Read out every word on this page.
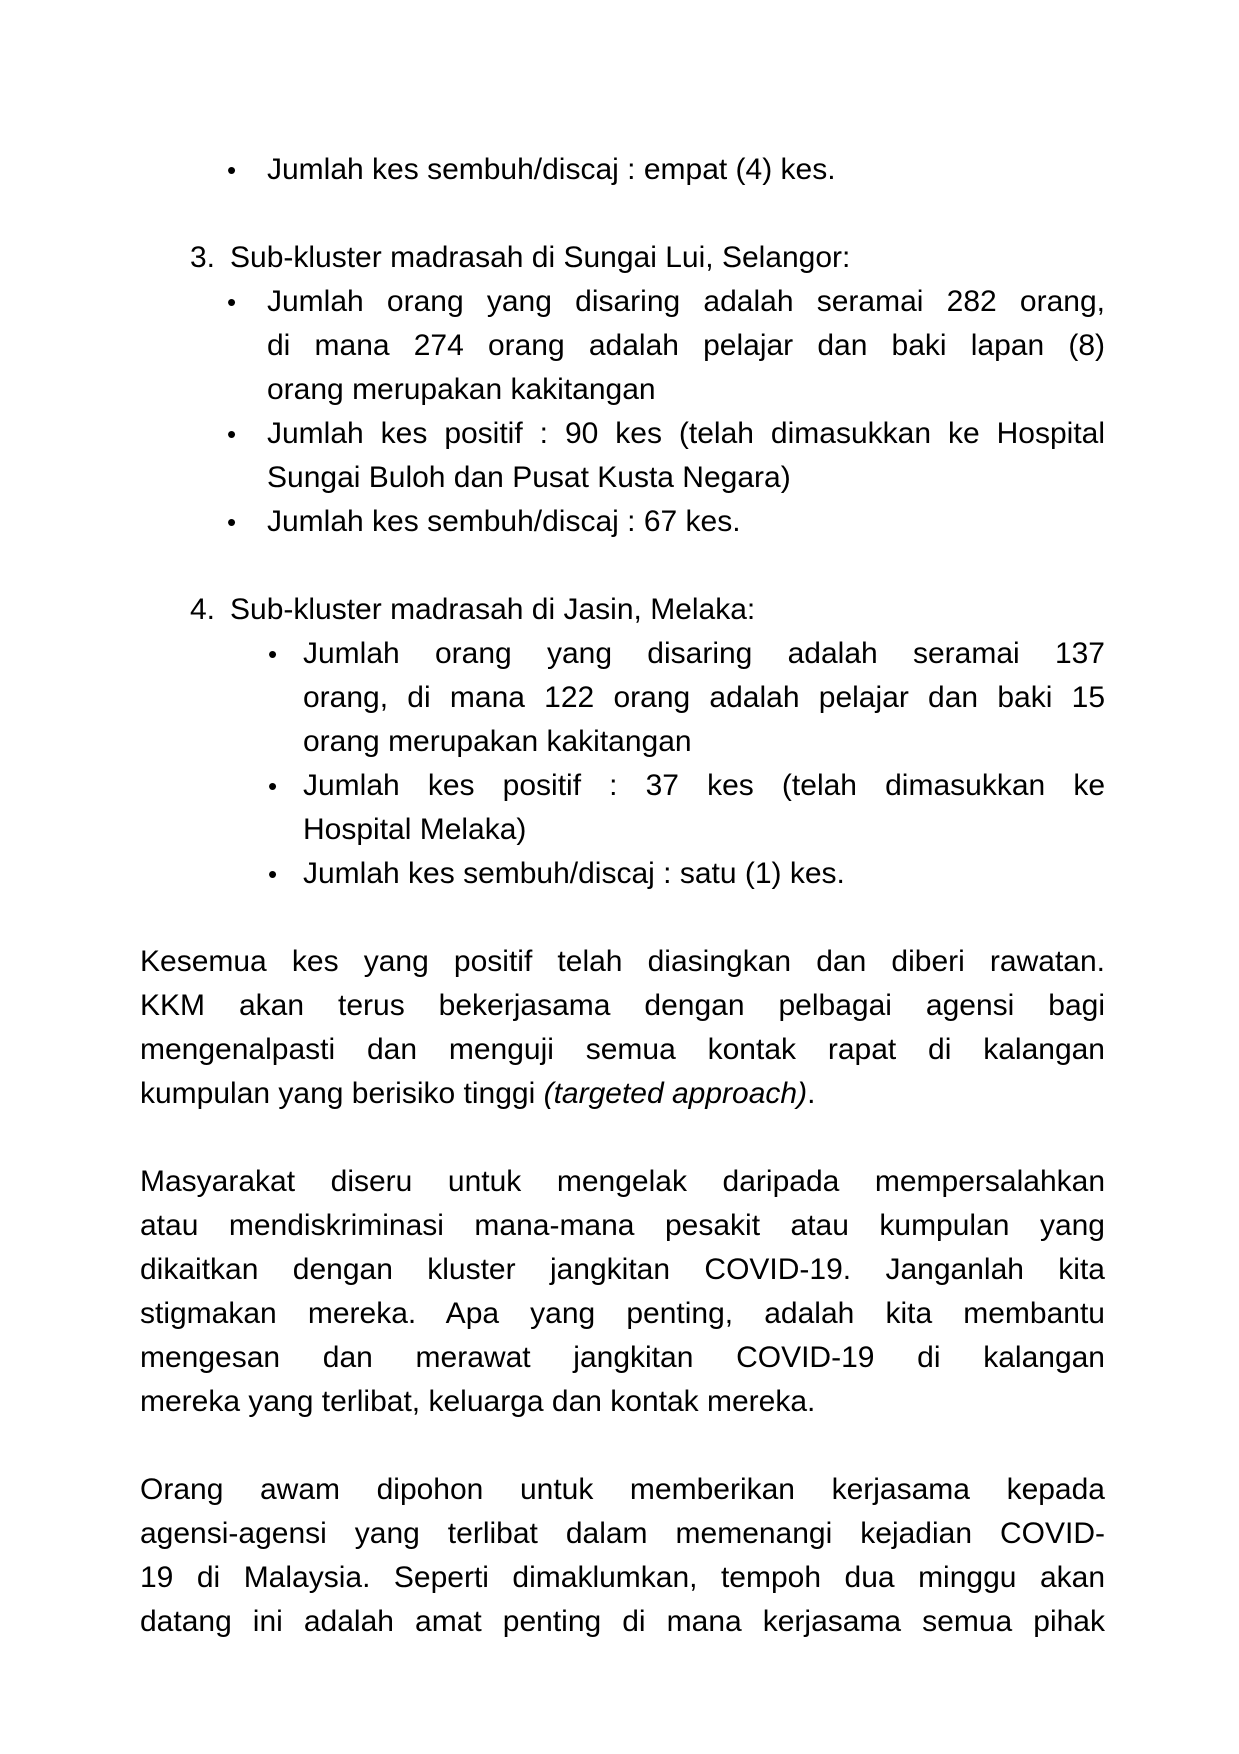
•	Jumlah kes sembuh/discaj : empat (4) kes.
3. Sub-kluster madrasah di Sungai Lui, Selangor:
•	Jumlah orang yang disaring adalah seramai 282 orang,
di mana 274 orang adalah pelajar dan baki lapan (8)
orang merupakan kakitangan
•	Jumlah kes positif : 90 kes (telah dimasukkan ke Hospital
Sungai Buloh dan Pusat Kusta Negara)
•	Jumlah kes sembuh/discaj : 67 kes.
4. Sub-kluster madrasah di Jasin, Melaka:
• Jumlah orang yang disaring adalah seramai 137
orang, di mana 122 orang adalah pelajar dan baki 15
orang merupakan kakitangan
• Jumlah kes positif : 37 kes (telah dimasukkan ke
Hospital Melaka)
• Jumlah kes sembuh/discaj : satu (1) kes.
Kesemua kes yang positif telah diasingkan dan diberi rawatan.
KKM akan terus bekerjasama dengan pelbagai agensi bagi
mengenalpasti dan menguji semua kontak rapat di kalangan
kumpulan yang berisiko tinggi (targeted approach).
Masyarakat diseru untuk mengelak daripada mempersalahkan
atau mendiskriminasi mana-mana pesakit atau kumpulan yang
dikaitkan dengan kluster jangkitan COVID-19. Janganlah kita
stigmakan mereka. Apa yang penting, adalah kita membantu
mengesan dan merawat jangkitan COVID-19 di kalangan
mereka yang terlibat, keluarga dan kontak mereka.
Orang awam dipohon untuk memberikan kerjasama kepada
agensi-agensi yang terlibat dalam memenangi kejadian COVID-
19 di Malaysia. Seperti dimaklumkan, tempoh dua minggu akan
datang ini adalah amat penting di mana kerjasama semua pihak
